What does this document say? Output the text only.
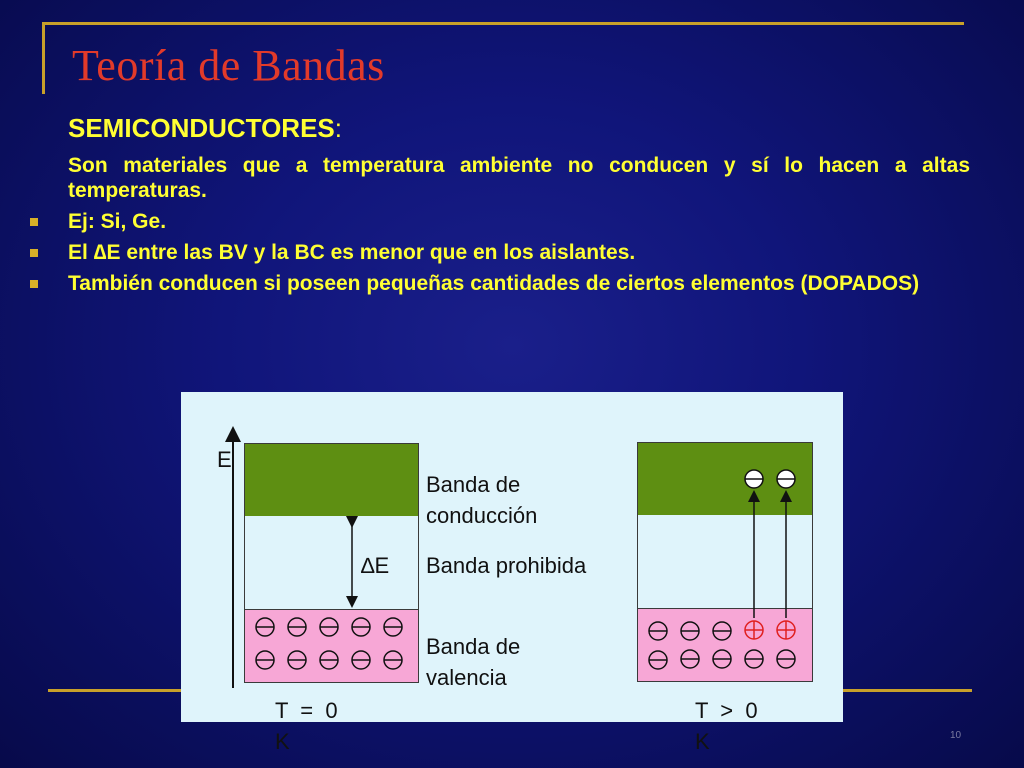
Teoría de Bandas

SEMICONDUCTORES:

Son materiales que a temperatura ambiente no conducen y sí lo hacen a altas temperaturas.

Ej: Si, Ge.

El ∆E entre las BV y la BC es menor que en los aislantes.

También conducen si poseen pequeñas cantidades de ciertos elementos (DOPADOS)

E
∆E
Banda de
conducción
Banda prohibida
Banda de
valencia
T  =  0
K
T  >  0
K	10
